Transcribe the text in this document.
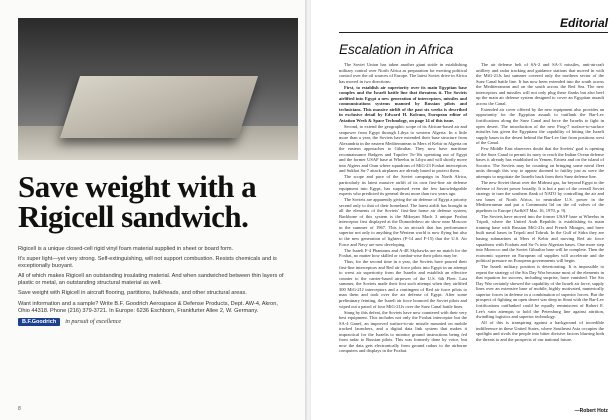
Save weight with a Rigicell sandwich.

Rigicell is a unique closed-cell rigid vinyl foam material supplied in sheet or board form.

It's super light—yet very strong. Self-extinguishing, will not support combustion. Resists chemicals and is exceptionally buoyant.

All of which makes Rigicell an outstanding insulating material. And when sandwiched between thin layers of plastic or metal, an outstanding structural material as well.

Save weight with Rigicell in aircraft flooring, partitions, bulkheads, and other structural areas.

Want information and a sample? Write B.F. Goodrich Aerospace & Defense Products, Dept. AW-4, Akron, Ohio 44318. Phone (216) 379-3721. In Europe: 6236 Eschborn, Frankfurter Allee 2, W. Germany.

B.F.Goodrich	in pursuit of excellence
8
Editorial
Escalation in Africa

The Soviet Union has taken another giant stride in establishing military control over North Africa as preparation for exerting political control over the oil sources of Europe. The latest Soviet drive in Africa has moved in two directions:

First, to establish air superiority over its main Egyptian base complex and the Israeli battle line that threatens it. The Soviets airlifted into Egypt a new generation of interceptors, missiles and communications systems manned by Russian pilots and technicians. This massive airlift of the past six weeks is described in exclusive detail by Edward H. Kolcum, European editor of Aviation Week & Space Technology, on page 14 of this issue.

Second, to extend the geographic scope of its African-based air and seapower from Egypt through Libya to western Algeria. In a little more than a year, the Soviets have extended their base structure from Alexandria in the eastern Mediterranean to Mers el Kebir in Algeria on the eastern approaches to Gibraltar. They now have maritime reconnaissance Badgers and Tupolev Tu-16s operating out of Egypt and the former USAF base at Wheelus in Libya and will shortly move into Algiers and Oran where squadrons of MiG-23 Foxbat interceptors and Sukhoi Su-7 attack airplanes are already based to protect them.

The scope and pace of the Soviet campaign in North Africa, particularly its latest massive airlift of its own first-line air defense equipment into Egypt, has surprised even the few knowledgeable experts who predicted its general thrust more than two years ago.

The Soviets are apparently giving the air defense of Egypt a priority second only to that of their homeland. The latest airlift has brought in all the elements of the Soviets' first-line home air defense system, Backbone of this system is the Mikoyan Mach 3 unique Foxbat interceptor first displayed at the Domodedovo air show near Moscow in the summer of 1967. This is an aircraft that has performance superior not only to anything the Western world is now flying but also to the new generation of fighters (F-14 and F-15) that the U.S. Air Force and Navy are now developing.

The Israeli F-4 Phantoms and A-4E Skyhawks are no match for the Foxbat, no matter how skilled or combat-wise their pilots may be.

Thus, for the second time in a year, the Soviets have poured their first-line interceptors and Red air force pilots into Egypt in an attempt to wrest air superiority from the Israelis and establish an effective counter to the carrier-based airpower of the U.S. 6th Fleet. Last summer, the Soviets made their first such attempt when they airlifted 300 MiG-21J interceptors and a contingent of Red air force pilots to man them and took over the air defense of Egypt. After some preliminary feinting, the Israeli air force bounced the Soviet pilots and wiped out a patrol of four MiG-21Js over the Suez Canal battle lines.

Stung by this defeat, the Soviets have now countered with their very best equipment. This includes not only the Foxbat interceptor but the SA-4 Ganef, an improved surface-to-air missile mounted on mobile tracked launchers, and a digital data link system that makes it impractical for the Israelis to monitor ground instructions being fed from radar to Russian pilots. This was formerly done by voice, but now the data gets electronically from ground radars to the airborne computers and displays in the Foxbat.

The air defense belt of SA-2 and SA-3 missiles, anti-aircraft artillery and radar tracking and guidance stations that moved in with the MiG-21Js last summer covered only the northern sector of the Suez Canal battle line. It has now been extended into the south across the Mediterranean and on the south across the Red Sea. The new interceptors and missiles will not only plug these flanks but also beef up the main air defense system designed to cover an Egyptian assault across the Canal.

Extended air cover offered by the new equipment also provides an opportunity for the Egyptian assault to outflank the Bar-Lev fortifications along the Suez Canal and force the Israelis to fight in open desert. The introduction of the new Frog-7 surface-to-surface missiles has given the Egyptians the capability of hitting the Israeli supply bases in the desert behind the Bar-Lev line from positions west of the Canal.

Few Middle East observers doubt that the Soviets' goal is opening of the Suez Canal to permit its navy to reach the Indian Ocean defense bases it already has established in Yemen, Eritrea and on the island of Socotra. The Soviets may be counting on bringing some naval fleet units through this way to appear doomed to futility just as were the attempts to negotiate the Israelis back from their Suez defense line.

The new Soviet thrust over the Mideast gas, far beyond Egypt to the defense of Soviet power broadly. It is but a part of the overall Soviet strategy to turn the southern flank of NATO by controlling the air and sea bases of North Africa, to neutralize U.S. power in the Mediterranean and put a Communist lid on the oil valves of the pipelines to Europe (Aw&ST Mar. 16, 1970, p. 9).

The Soviets have moved into the former USAF base at Wheelus in Tripoli, where the United Arab Republic is establishing its main training base with Russian MiG-21s and French Mirages, and have built naval bases in Tripoli and Tobruk. In the Gulf of Sidra they are basing submarines at Mers el Kebir and moving Red air force squadrons with Foxbats and Su-7s into Algerian bases. One more step into Morocco and the Soviet Gibraltar base will be complete. Then the economic squeeze on European oil supplies will accelerate and the political pressure on European governments will begin.

The Israeli military position is deteriorating. It is impossible to repeat the strategy of the Six Day War because most of the elements in that equation for success, including surprise, have vanished. The Six Day War certainly showed the capability of the Israeli air force, supply lines over an extensive base of mobile, highly motivated, numerically superior forces in defense in a combination of superior forces. But the prospect of fighting an open desert war deep in Sinai with the Bar-Lev fortifications outflanked could be equally reminiscent of Robert E. Lee's vain attempts to hold the Petersburg line against attrition, dwindling logistics and superior technology.

All of this is transpiring against a background of incredible indifference in these United States, where Southeast Asia occupies the spotlight and rivals the people into bitter divisive factors blurring both the threats to and the prospects of our national future.

—Robert Hotz
